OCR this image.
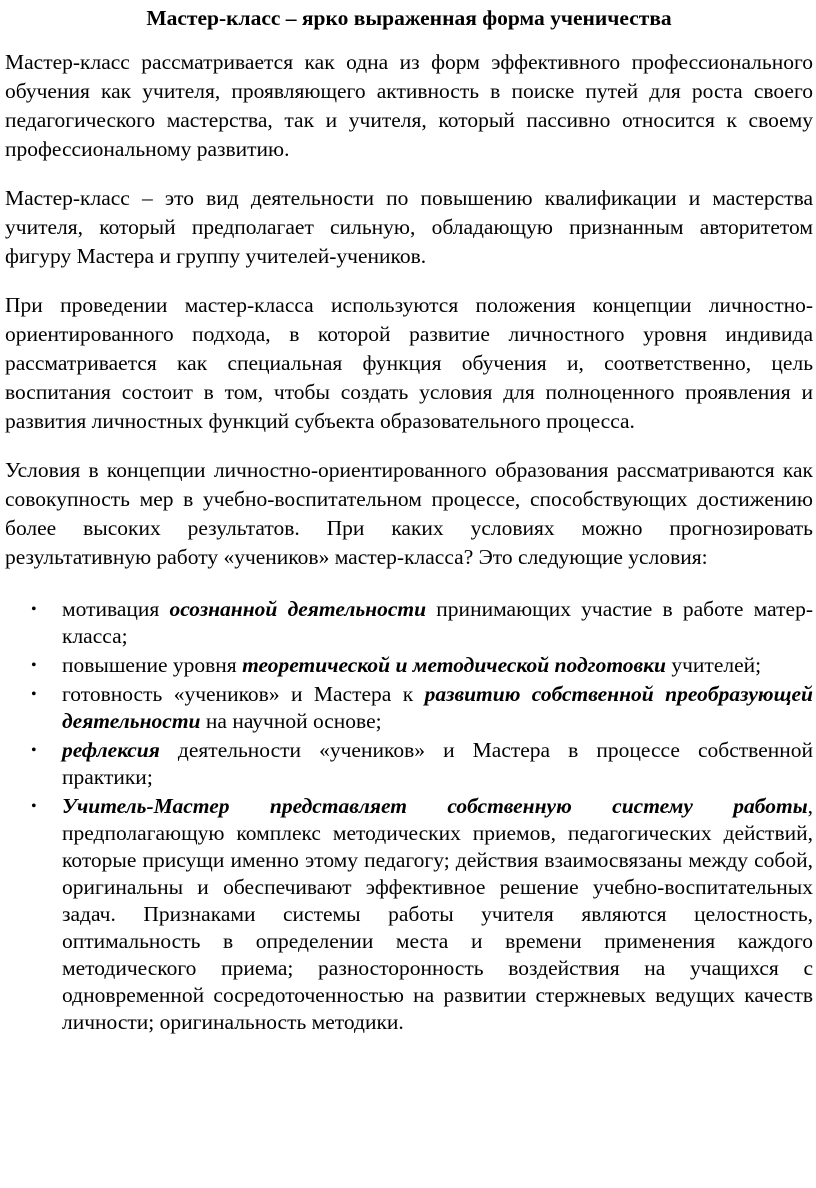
Мастер-класс – ярко выраженная форма ученичества

Мастер-класс рассматривается как одна из форм эффективного профессионального обучения как учителя, проявляющего активность в поиске путей для роста своего педагогического мастерства, так и учителя, который пассивно относится к своему профессиональному развитию.

Мастер-класс – это вид деятельности по повышению квалификации и мастерства учителя, который предполагает сильную, обладающую признанным авторитетом фигуру Мастера и группу учителей-учеников.

При проведении мастер-класса используются положения концепции личностно-ориентированного подхода, в которой развитие личностного уровня индивида рассматривается как специальная функция обучения и, соответственно, цель воспитания состоит в том, чтобы создать условия для полноценного проявления и развития личностных функций субъекта образовательного процесса.

Условия в концепции личностно-ориентированного образования рассматриваются как совокупность мер в учебно-воспитательном процессе, способствующих достижению более высоких результатов. При каких условиях можно прогнозировать результативную работу «учеников» мастер-класса? Это следующие условия:

• мотивация осознанной деятельности принимающих участие в работе матер-класса;
• повышение уровня теоретической и методической подготовки учителей;
• готовность «учеников» и Мастера к развитию собственной преобразующей деятельности на научной основе;
• рефлексия деятельности «учеников» и Мастера в процессе собственной практики;
• Учитель-Мастер представляет собственную систему работы, предполагающую комплекс методических приемов, педагогических действий, которые присущи именно этому педагогу; действия взаимосвязаны между собой, оригинальны и обеспечивают эффективное решение учебно-воспитательных задач. Признаками системы работы учителя являются целостность, оптимальность в определении места и времени применения каждого методического приема; разносторонность воздействия на учащихся с одновременной сосредоточенностью на развитии стержневых ведущих качеств личности; оригинальность методики.
